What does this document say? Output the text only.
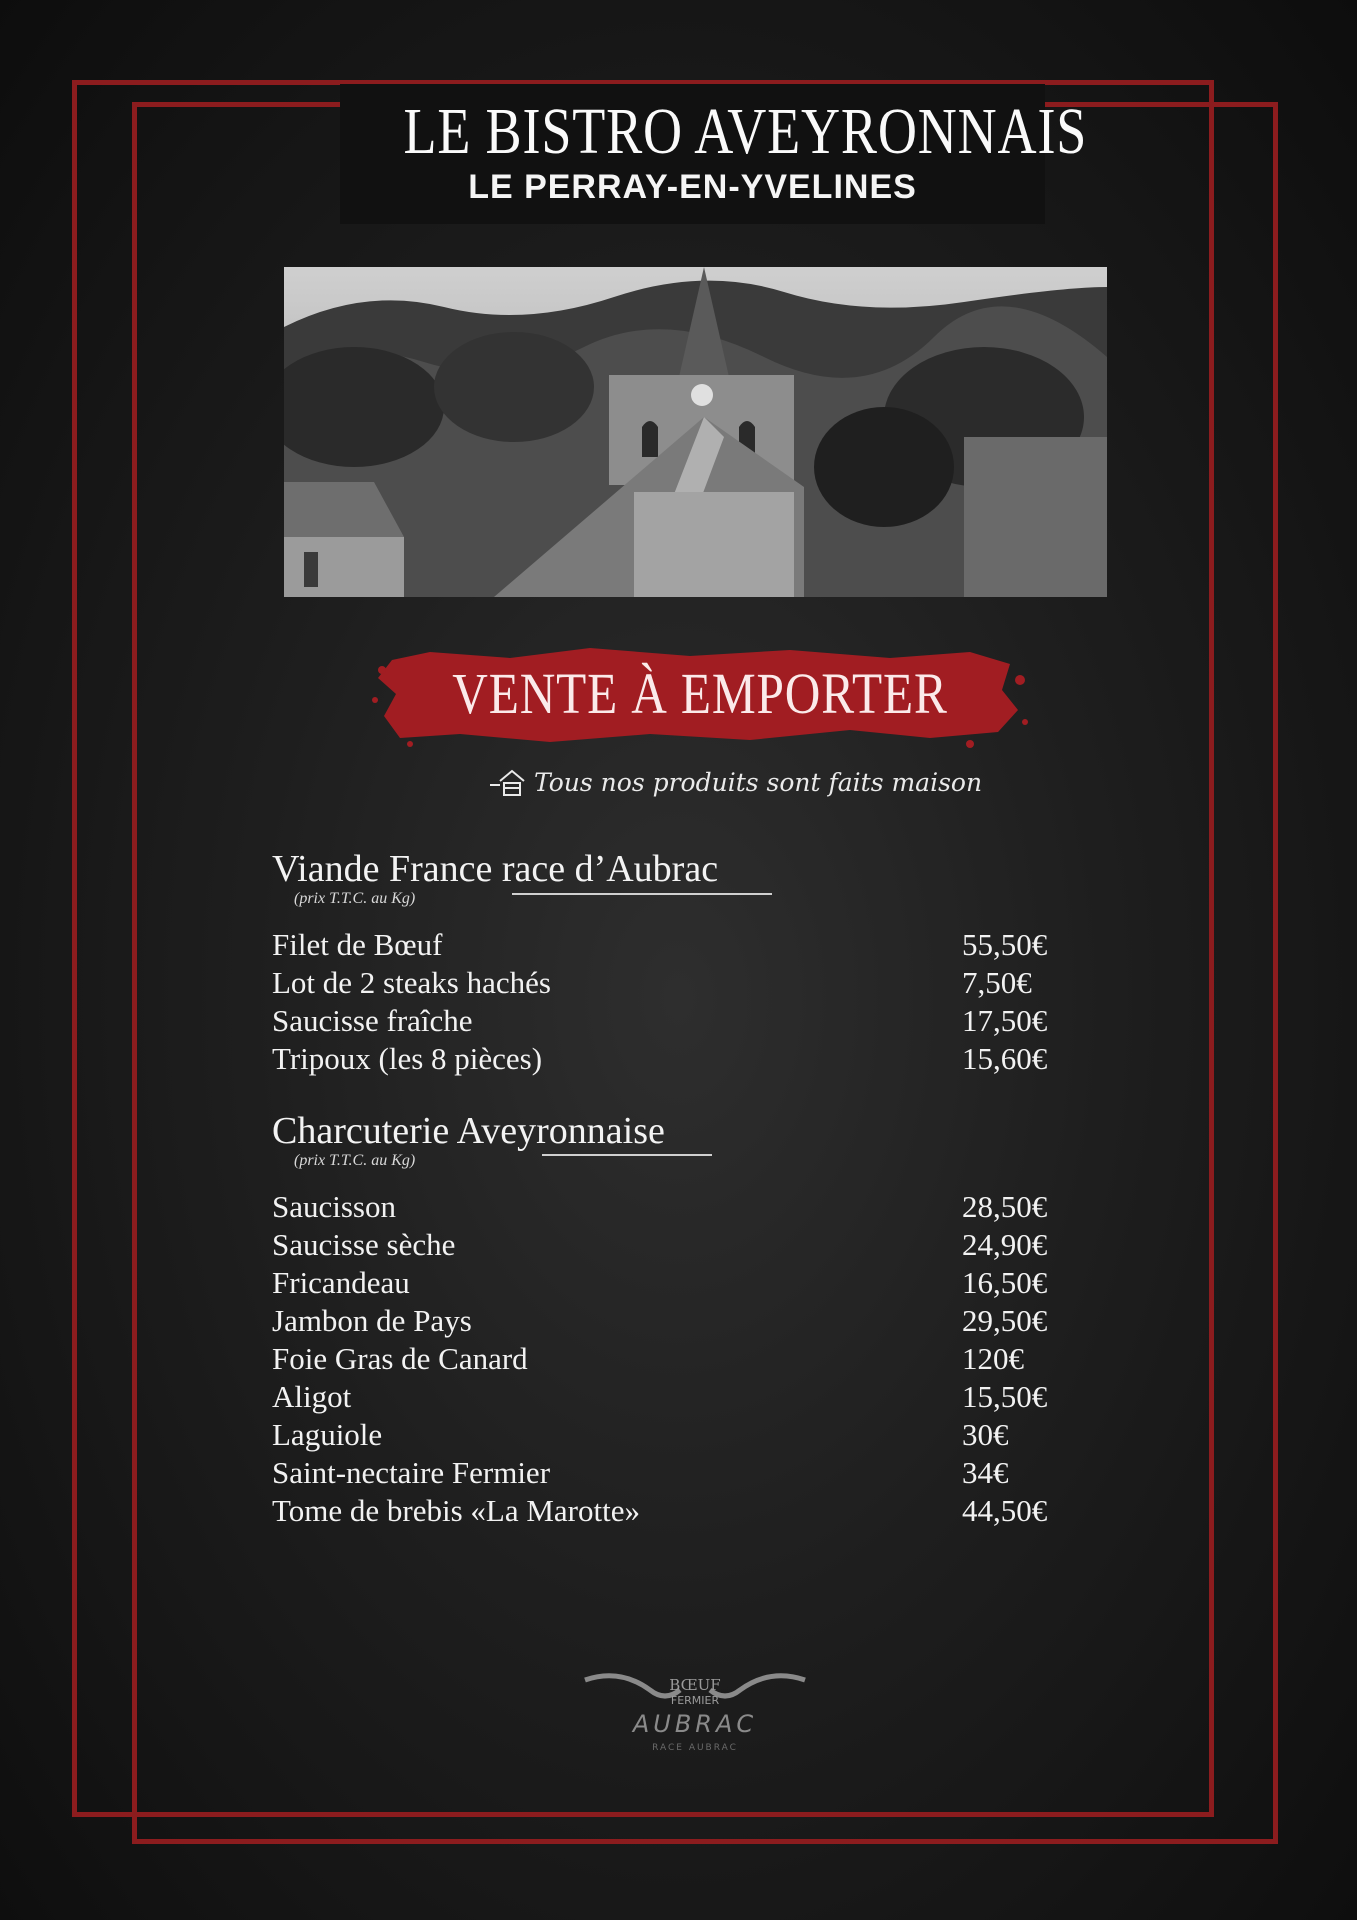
LE BISTRO AVEYRONNAIS
LE PERRAY-EN-YVELINES
VENTE À EMPORTER
Tous nos produits sont faits maison
Viande France race d’Aubrac
(prix T.T.C. au Kg)
Filet de Bœuf	55,50€
Lot de 2 steaks hachés	7,50€
Saucisse fraîche	17,50€
Tripoux (les 8 pièces)	15,60€
Charcuterie Aveyronnaise
(prix T.T.C. au Kg)
Saucisson	28,50€
Saucisse sèche	24,90€
Fricandeau	16,50€
Jambon de Pays	29,50€
Foie Gras de Canard	120€
Aligot	15,50€
Laguiole	30€
Saint-nectaire Fermier	34€
Tome de brebis «La Marotte»	44,50€
BŒUF
FERMIER
AUBRAC
RACE AUBRAC
